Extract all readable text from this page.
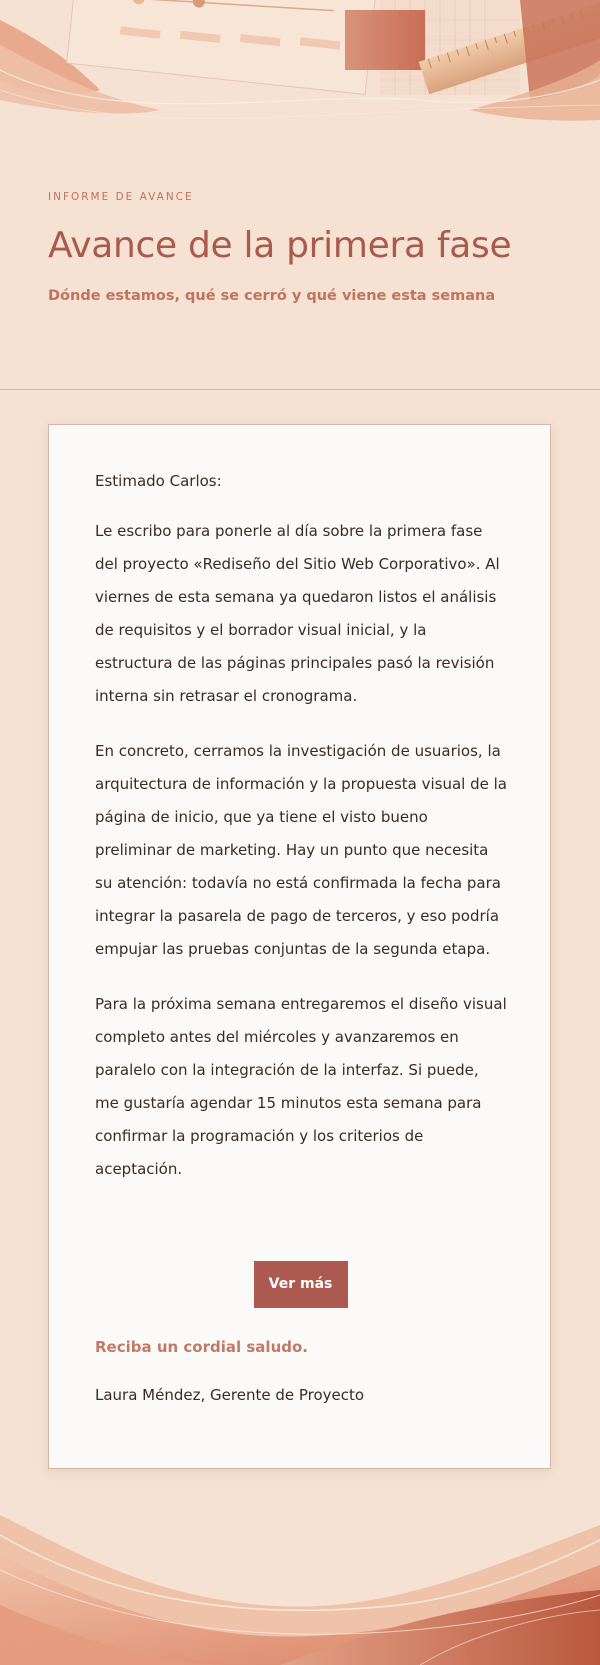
INFORME DE AVANCE

Avance de la primera fase

Dónde estamos, qué se cerró y qué viene esta semana

Estimado Carlos:

Le escribo para ponerle al día sobre la primera fase del proyecto «Rediseño del Sitio Web Corporativo». Al viernes de esta semana ya quedaron listos el análisis de requisitos y el borrador visual inicial, y la estructura de las páginas principales pasó la revisión interna sin retrasar el cronograma.

En concreto, cerramos la investigación de usuarios, la arquitectura de información y la propuesta visual de la página de inicio, que ya tiene el visto bueno preliminar de marketing. Hay un punto que necesita su atención: todavía no está confirmada la fecha para integrar la pasarela de pago de terceros, y eso podría empujar las pruebas conjuntas de la segunda etapa.

Para la próxima semana entregaremos el diseño visual completo antes del miércoles y avanzaremos en paralelo con la integración de la interfaz. Si puede, me gustaría agendar 15 minutos esta semana para confirmar la programación y los criterios de aceptación.

Ver más

Reciba un cordial saludo.

Laura Méndez, Gerente de Proyecto
